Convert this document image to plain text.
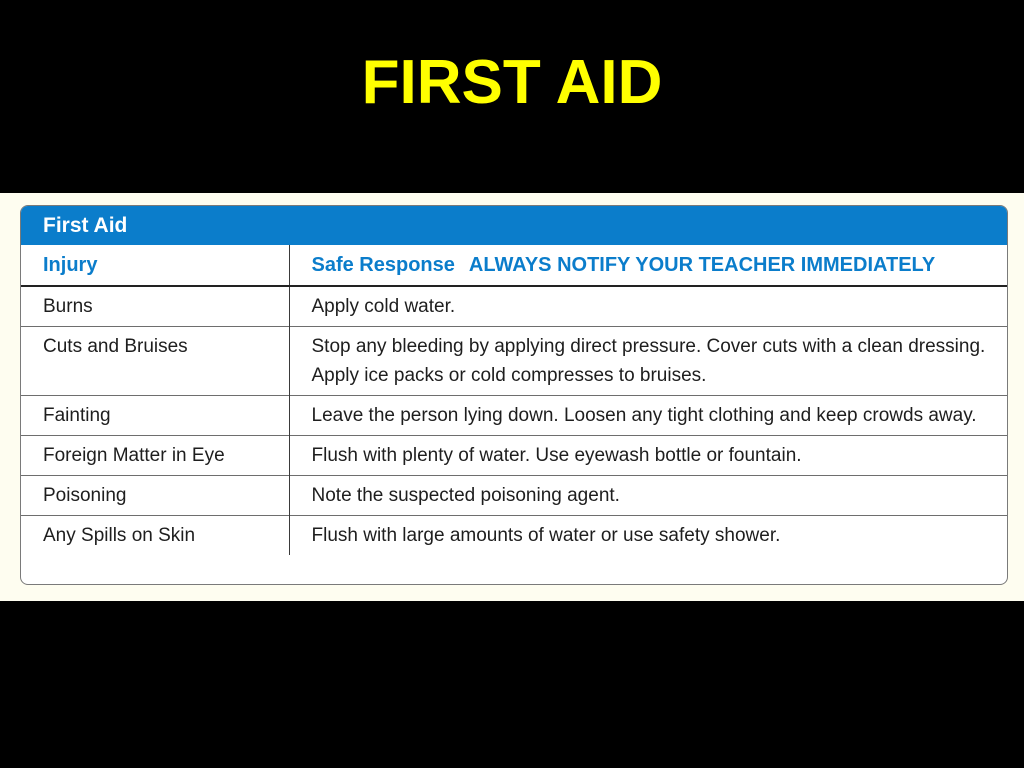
FIRST AID
First Aid
Injury	Safe Response ALWAYS NOTIFY YOUR TEACHER IMMEDIATELY
Burns	Apply cold water.
Cuts and Bruises	Stop any bleeding by applying direct pressure. Cover cuts with a clean dressing. Apply ice packs or cold compresses to bruises.
Fainting	Leave the person lying down. Loosen any tight clothing and keep crowds away.
Foreign Matter in Eye	Flush with plenty of water. Use eyewash bottle or fountain.
Poisoning	Note the suspected poisoning agent.
Any Spills on Skin	Flush with large amounts of water or use safety shower.
